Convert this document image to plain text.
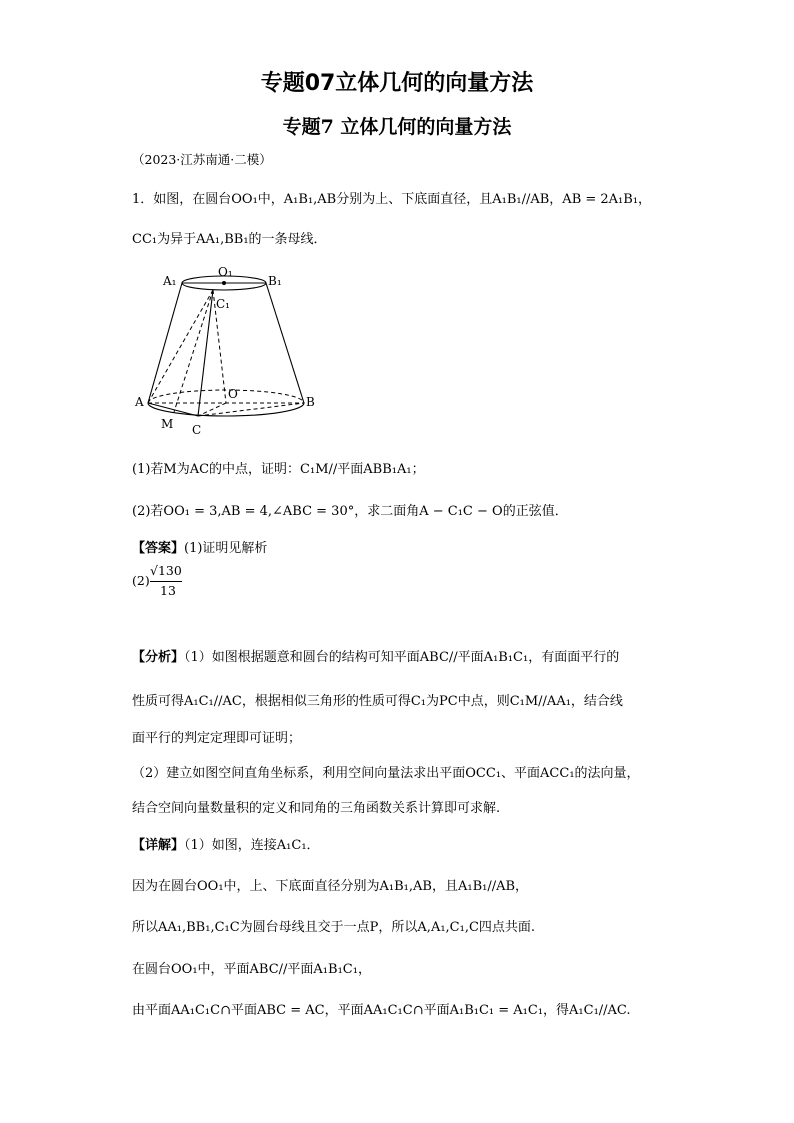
专题07立体几何的向量方法
专题7 立体几何的向量方法
（2023·江苏南通·二模）
1．如图，在圆台OO₁中，A₁B₁,AB分别为上、下底面直径，且A₁B₁//AB，AB = 2A₁B₁，
CC₁为异于AA₁,BB₁的一条母线．
A₁
O₁
B₁
C₁
A
O
B
M C
(1)若M为AC的中点，证明：C₁M//平面ABB₁A₁；
(2)若OO₁ = 3,AB = 4,∠ABC = 30°，求二面角A − C₁C − O的正弦值．
【答案】(1)证明见解析
(2)
√130
13
【分析】（1）如图根据题意和圆台的结构可知平面ABC//平面A₁B₁C₁，有面面平行的
性质可得A₁C₁//AC，根据相似三角形的性质可得C₁为PC中点，则C₁M//AA₁，结合线
面平行的判定定理即可证明；
（2）建立如图空间直角坐标系，利用空间向量法求出平面OCC₁、平面ACC₁的法向量，
结合空间向量数量积的定义和同角的三角函数关系计算即可求解.
【详解】（1）如图，连接A₁C₁．
因为在圆台OO₁中，上、下底面直径分别为A₁B₁,AB，且A₁B₁//AB，
所以AA₁,BB₁,C₁C为圆台母线且交于一点P，所以A,A₁,C₁,C四点共面.
在圆台OO₁中，平面ABC//平面A₁B₁C₁，
由平面AA₁C₁C∩平面ABC = AC，平面AA₁C₁C∩平面A₁B₁C₁ = A₁C₁，得A₁C₁//AC.
